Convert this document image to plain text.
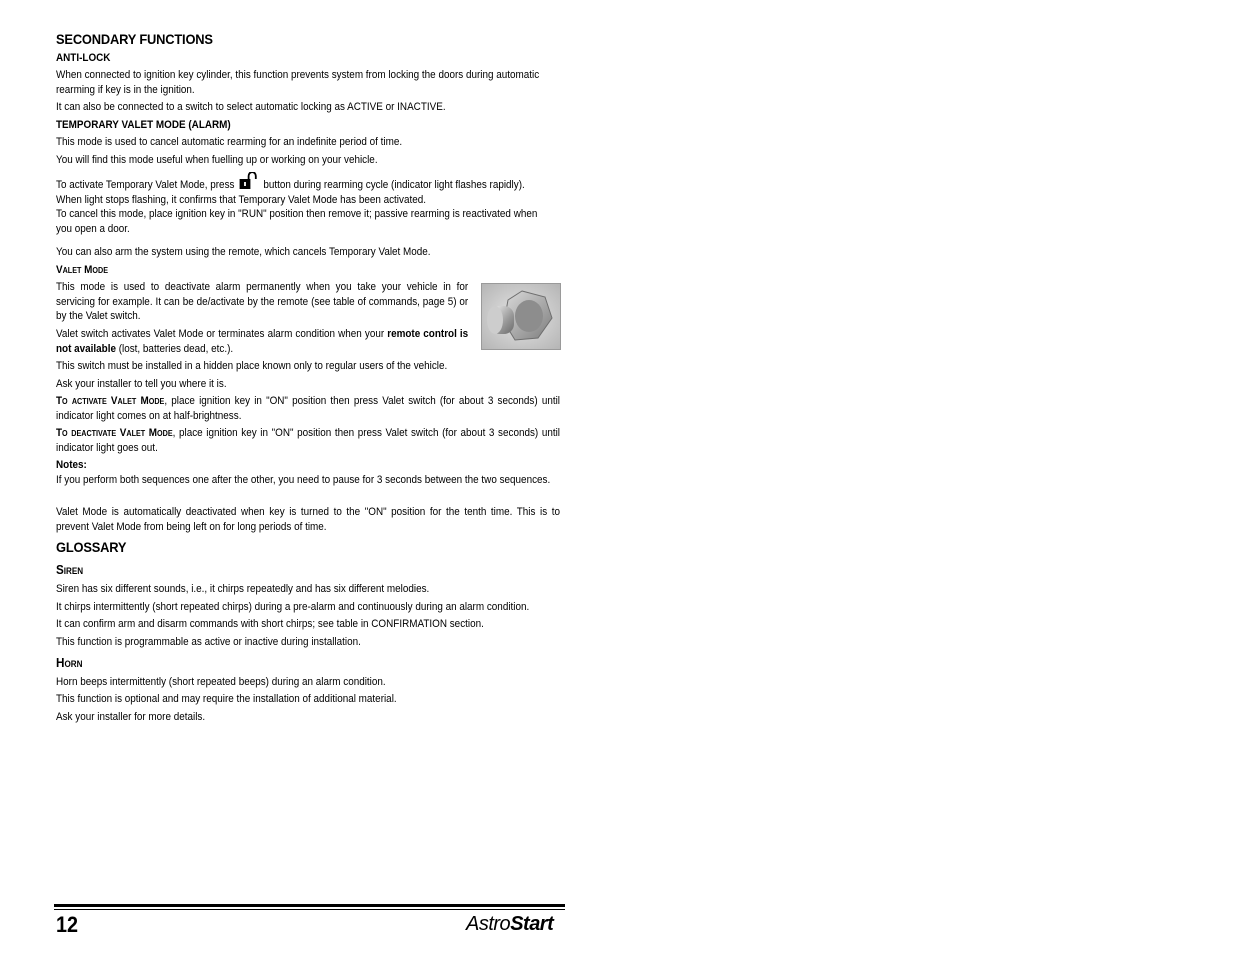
SECONDARY FUNCTIONS
ANTI-LOCK
When connected to ignition key cylinder, this function prevents system from locking the doors during automatic
rearming if key is in the ignition.
It can also be connected to a switch to select automatic locking as ACTIVE or INACTIVE.
TEMPORARY VALET MODE (ALARM)
This mode is used to cancel automatic rearming for an indefinite period of time.
You will find this mode useful when fuelling up or working on your vehicle.
To activate Temporary Valet Mode, press	button during rearming cycle (indicator light flashes rapidly).
When light stops flashing, it confirms that Temporary Valet Mode has been activated.
To cancel this mode, place ignition key in "RUN" position then remove it; passive rearming is reactivated when
you open a door.
You can also arm the system using the remote, which cancels Temporary Valet Mode.
Valet Mode
This mode is used to deactivate alarm permanently when you take your vehicle in for servicing for example. It can be de/activate by the remote (see table of commands, page 5) or by the Valet switch.
Valet switch activates Valet Mode or terminates alarm condition when your remote control is not available (lost, batteries dead, etc.).
This switch must be installed in a hidden place known only to regular users of the vehicle.
Ask your installer to tell you where it is.
To activate Valet Mode, place ignition key in "ON" position then press Valet switch (for about 3 seconds) until indicator light comes on at half-brightness.
To deactivate Valet Mode, place ignition key in "ON" position then press Valet switch (for about 3 seconds) until indicator light goes out.
Notes:
If you perform both sequences one after the other, you need to pause for 3 seconds between the two sequences.
Valet Mode is automatically deactivated when key is turned to the "ON" position for the tenth time. This is to prevent Valet Mode from being left on for long periods of time.
GLOSSARY
Siren
Siren has six different sounds, i.e., it chirps repeatedly and has six different melodies.
It chirps intermittently (short repeated chirps) during a pre-alarm and continuously during an alarm condition.
It can confirm arm and disarm commands with short chirps; see table in CONFIRMATION section.
This function is programmable as active or inactive during installation.
Horn
Horn beeps intermittently (short repeated beeps) during an alarm condition.
This function is optional and may require the installation of additional material.
Ask your installer for more details.
12	AstroStart
